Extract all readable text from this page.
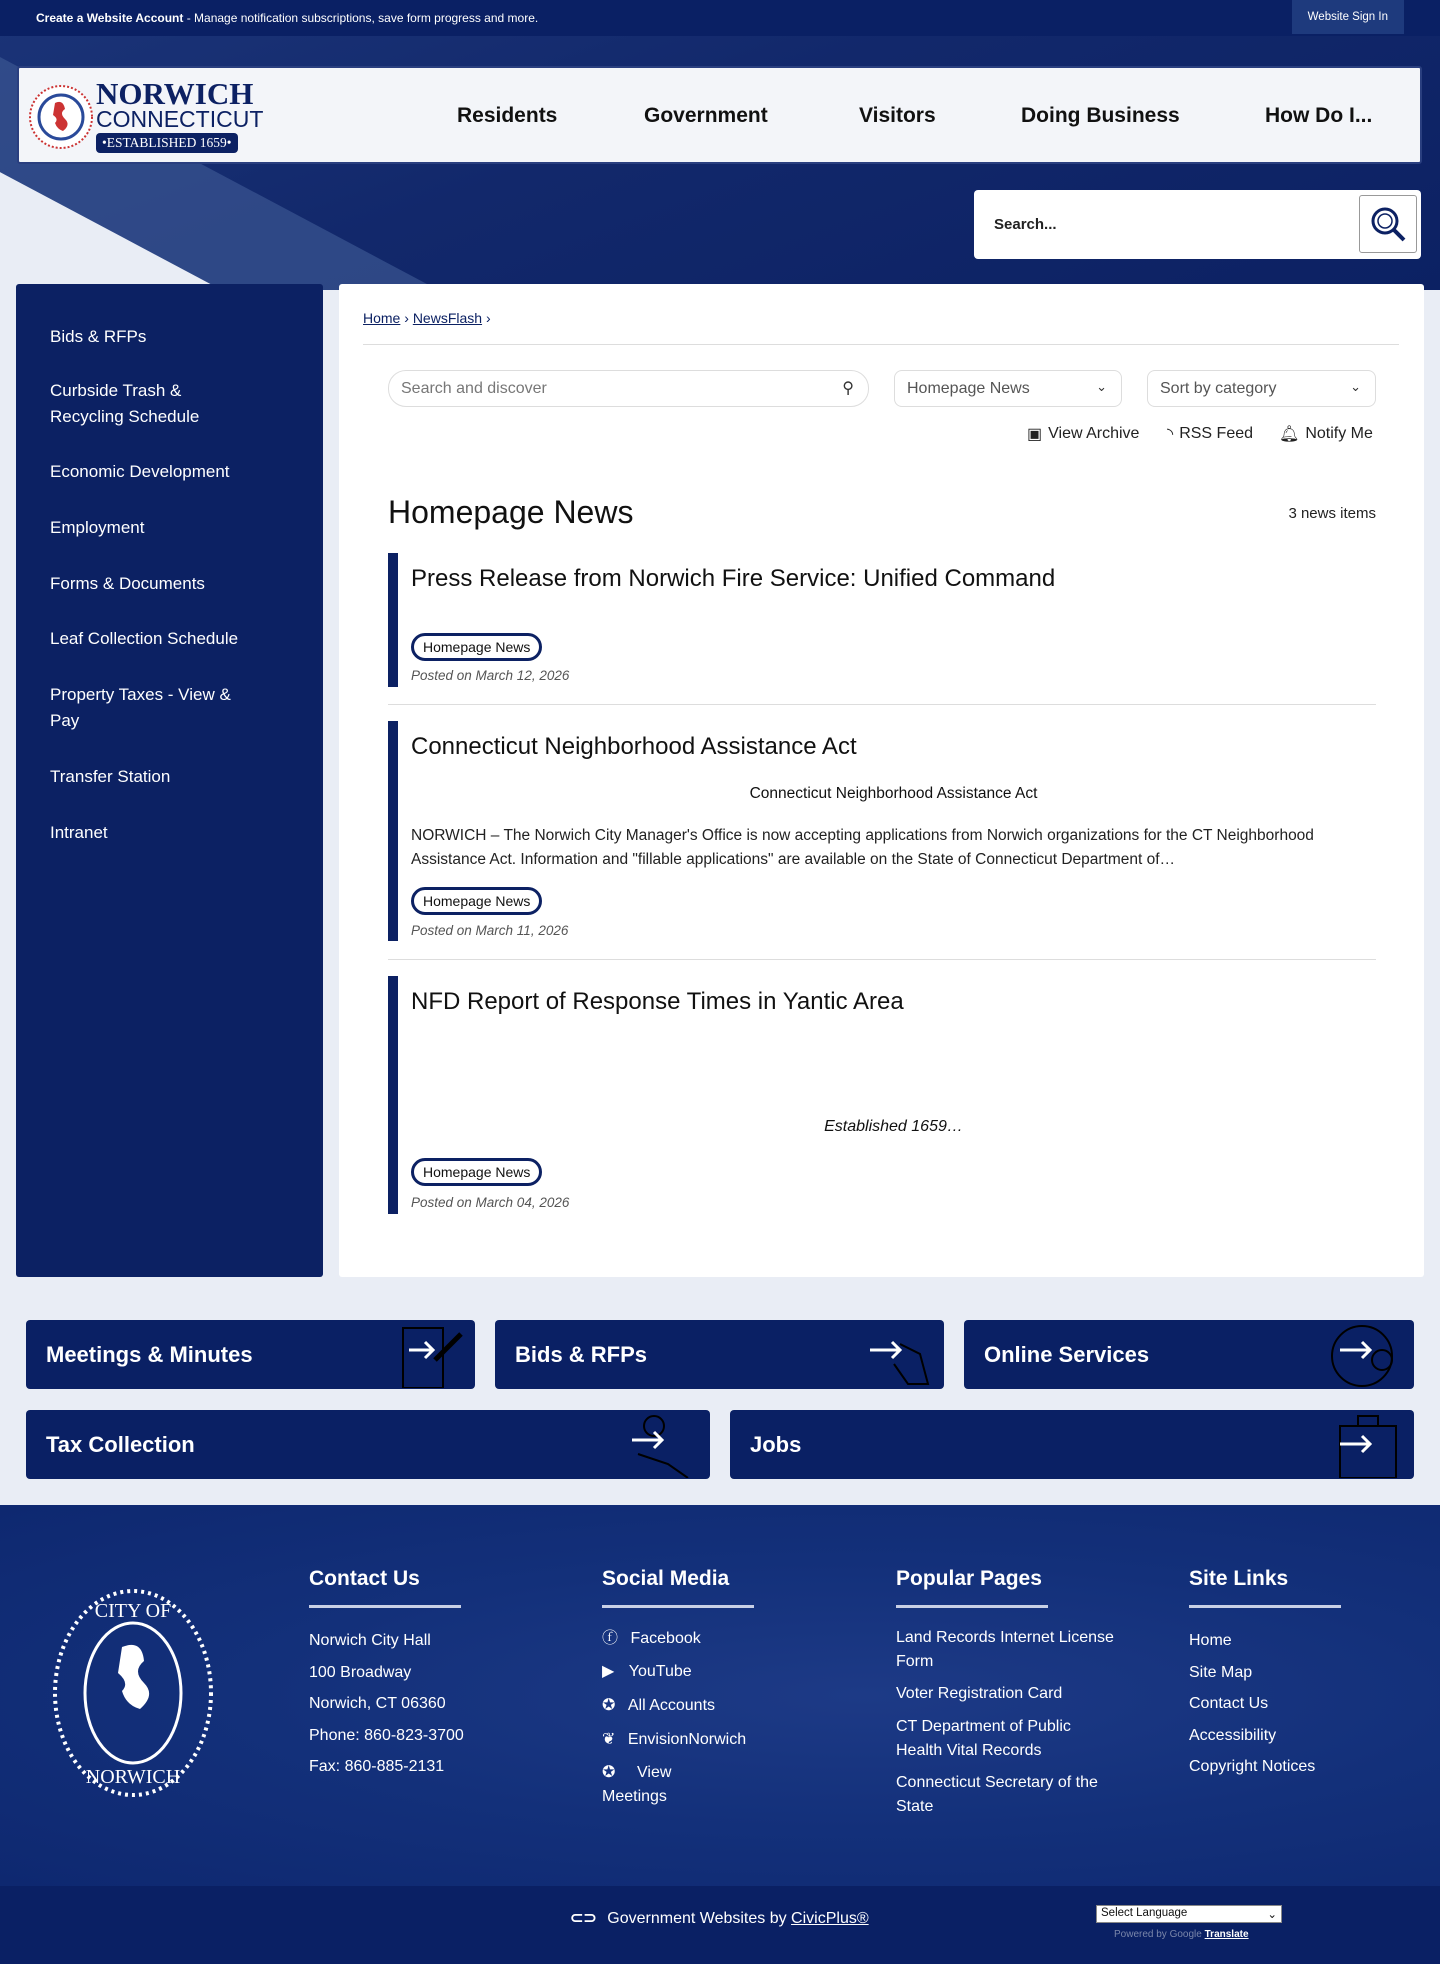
Create a Website Account - Manage notification subscriptions, save form progress and more.	Website Sign In
NORWICH
CONNECTICUT
•ESTABLISHED 1659•
Residents	Government	Visitors	Doing Business	How Do I...
Search...
Bids & RFPs
Curbside Trash & Recycling Schedule
Economic Development
Employment
Forms & Documents
Leaf Collection Schedule
Property Taxes - View & Pay
Transfer Station
Intranet
Home › NewsFlash ›
Search and discover	⚲	Homepage News	⌄	Sort by category	⌄
▣ View Archive ◝ RSS Feed 🔔︎ Notify Me
Homepage News	3 news items
Press Release from Norwich Fire Service: Unified Command
Homepage News
Posted on March 12, 2026
Connecticut Neighborhood Assistance Act
Connecticut Neighborhood Assistance Act
NORWICH – The Norwich City Manager's Office is now accepting applications from Norwich organizations for the CT Neighborhood Assistance Act. Information and "fillable applications" are available on the State of Connecticut Department of…
Homepage News
Posted on March 11, 2026
NFD Report of Response Times in Yantic Area
Established 1659…
Homepage News
Posted on March 04, 2026
Meetings & Minutes	Bids & RFPs	Online Services
Tax Collection	Jobs
CITY OF
NORWICH
Contact Us
Norwich City Hall
100 Broadway
Norwich, CT 06360
Phone: 860-823-3700
Fax: 860-885-2131
Social Media
ⓕ Facebook
▶ YouTube
✪ All Accounts
❦ EnvisionNorwich
✪	View Meetings
Popular Pages
Land Records Internet License Form
Voter Registration Card
CT Department of Public Health Vital Records
Connecticut Secretary of the State
Site Links
Home
Site Map
Contact Us
Accessibility
Copyright Notices
⊂⊃ Government Websites by CivicPlus®	Select Language	⌄
Powered by Google Translate
